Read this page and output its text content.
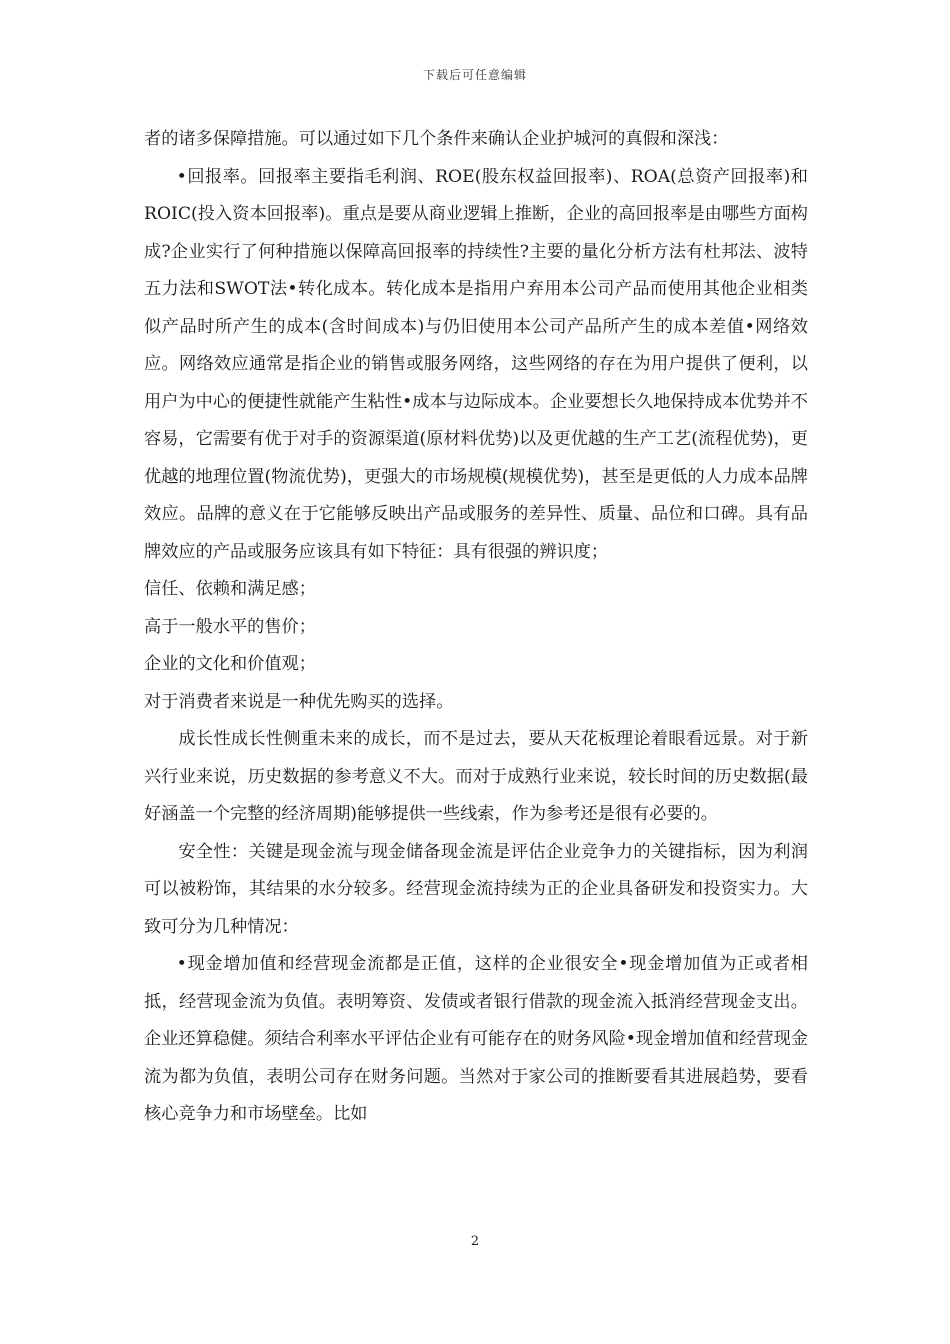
下载后可任意编辑

者的诸多保障措施。可以通过如下几个条件来确认企业护城河的真假和深浅：

•回报率。回报率主要指毛利润、ROE(股东权益回报率)、ROA(总资产回报率)和ROIC(投入资本回报率)。重点是要从商业逻辑上推断，企业的高回报率是由哪些方面构成?企业实行了何种措施以保障高回报率的持续性?主要的量化分析方法有杜邦法、波特五力法和SWOT法•转化成本。转化成本是指用户弃用本公司产品而使用其他企业相类似产品时所产生的成本(含时间成本)与仍旧使用本公司产品所产生的成本差值•网络效应。网络效应通常是指企业的销售或服务网络，这些网络的存在为用户提供了便利，以用户为中心的便捷性就能产生粘性•成本与边际成本。企业要想长久地保持成本优势并不容易，它需要有优于对手的资源渠道(原材料优势)以及更优越的生产工艺(流程优势)，更优越的地理位置(物流优势)，更强大的市场规模(规模优势)，甚至是更低的人力成本品牌效应。品牌的意义在于它能够反映出产品或服务的差异性、质量、品位和口碑。具有品牌效应的产品或服务应该具有如下特征：具有很强的辨识度；

信任、依赖和满足感；

高于一般水平的售价；

企业的文化和价值观；

对于消费者来说是一种优先购买的选择。

成长性成长性侧重未来的成长，而不是过去，要从天花板理论着眼看远景。对于新兴行业来说，历史数据的参考意义不大。而对于成熟行业来说，较长时间的历史数据(最好涵盖一个完整的经济周期)能够提供一些线索，作为参考还是很有必要的。

安全性：关键是现金流与现金储备现金流是评估企业竞争力的关键指标，因为利润可以被粉饰，其结果的水分较多。经营现金流持续为正的企业具备研发和投资实力。大致可分为几种情况：

•现金增加值和经营现金流都是正值，这样的企业很安全•现金增加值为正或者相抵，经营现金流为负值。表明筹资、发债或者银行借款的现金流入抵消经营现金支出。企业还算稳健。须结合利率水平评估企业有可能存在的财务风险•现金增加值和经营现金流为都为负值，表明公司存在财务问题。当然对于家公司的推断要看其进展趋势，要看核心竞争力和市场壁垒。比如

2
